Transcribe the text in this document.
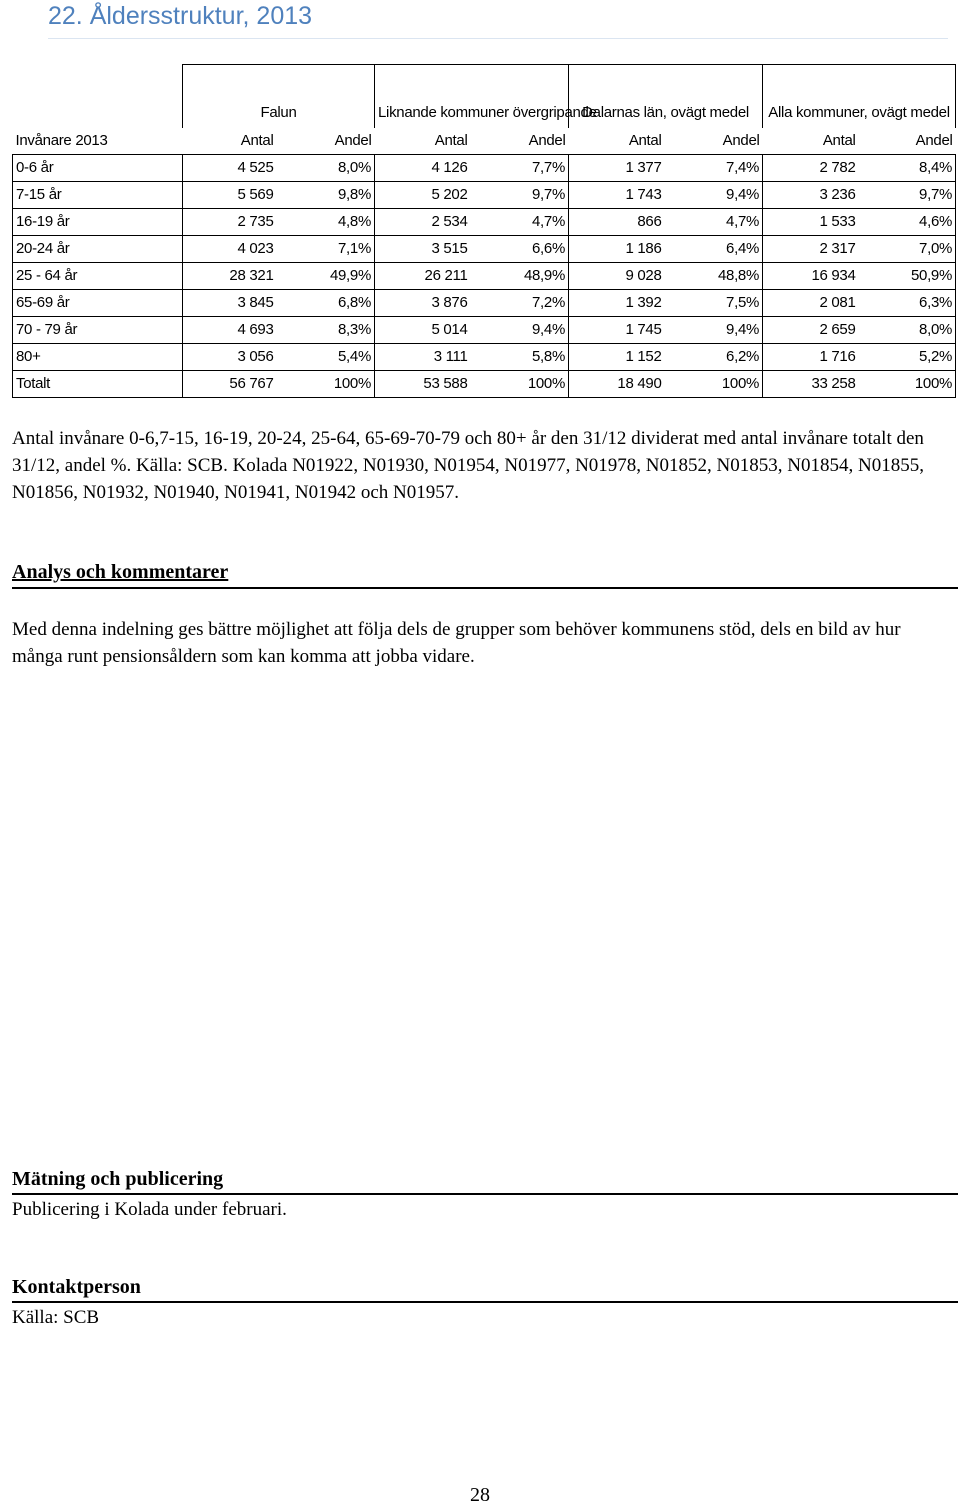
22. Åldersstruktur, 2013
	Falun		Liknande kommuner övergripande		Dalarnas län, ovägt medel		Alla kommuner, ovägt medel	
Invånare 2013	Antal	Andel	Antal	Andel	Antal	Andel	Antal	Andel
0-6 år	4 525	8,0%	4 126	7,7%	1 377	7,4%	2 782	8,4%
7-15 år	5 569	9,8%	5 202	9,7%	1 743	9,4%	3 236	9,7%
16-19 år	2 735	4,8%	2 534	4,7%	866	4,7%	1 533	4,6%
20-24 år	4 023	7,1%	3 515	6,6%	1 186	6,4%	2 317	7,0%
25 - 64 år	28 321	49,9%	26 211	48,9%	9 028	48,8%	16 934	50,9%
65-69 år	3 845	6,8%	3 876	7,2%	1 392	7,5%	2 081	6,3%
70 - 79 år	4 693	8,3%	5 014	9,4%	1 745	9,4%	2 659	8,0%
80+	3 056	5,4%	3 111	5,8%	1 152	6,2%	1 716	5,2%
Totalt	56 767	100%	53 588	100%	18 490	100%	33 258	100%

Antal invånare 0-6,7-15, 16-19, 20-24, 25-64, 65-69-70-79 och 80+ år den 31/12 dividerat med antal invånare totalt den 31/12, andel %. Källa: SCB. Kolada N01922, N01930, N01954, N01977, N01978, N01852, N01853, N01854, N01855, N01856, N01932, N01940, N01941, N01942 och N01957.

Analys och kommentarer

Med denna indelning ges bättre möjlighet att följa dels de grupper som behöver kommunens stöd, dels en bild av hur många runt pensionsåldern som kan komma att jobba vidare.

Mätning och publicering

Publicering i Kolada under februari.

Kontaktperson

Källa: SCB

28
